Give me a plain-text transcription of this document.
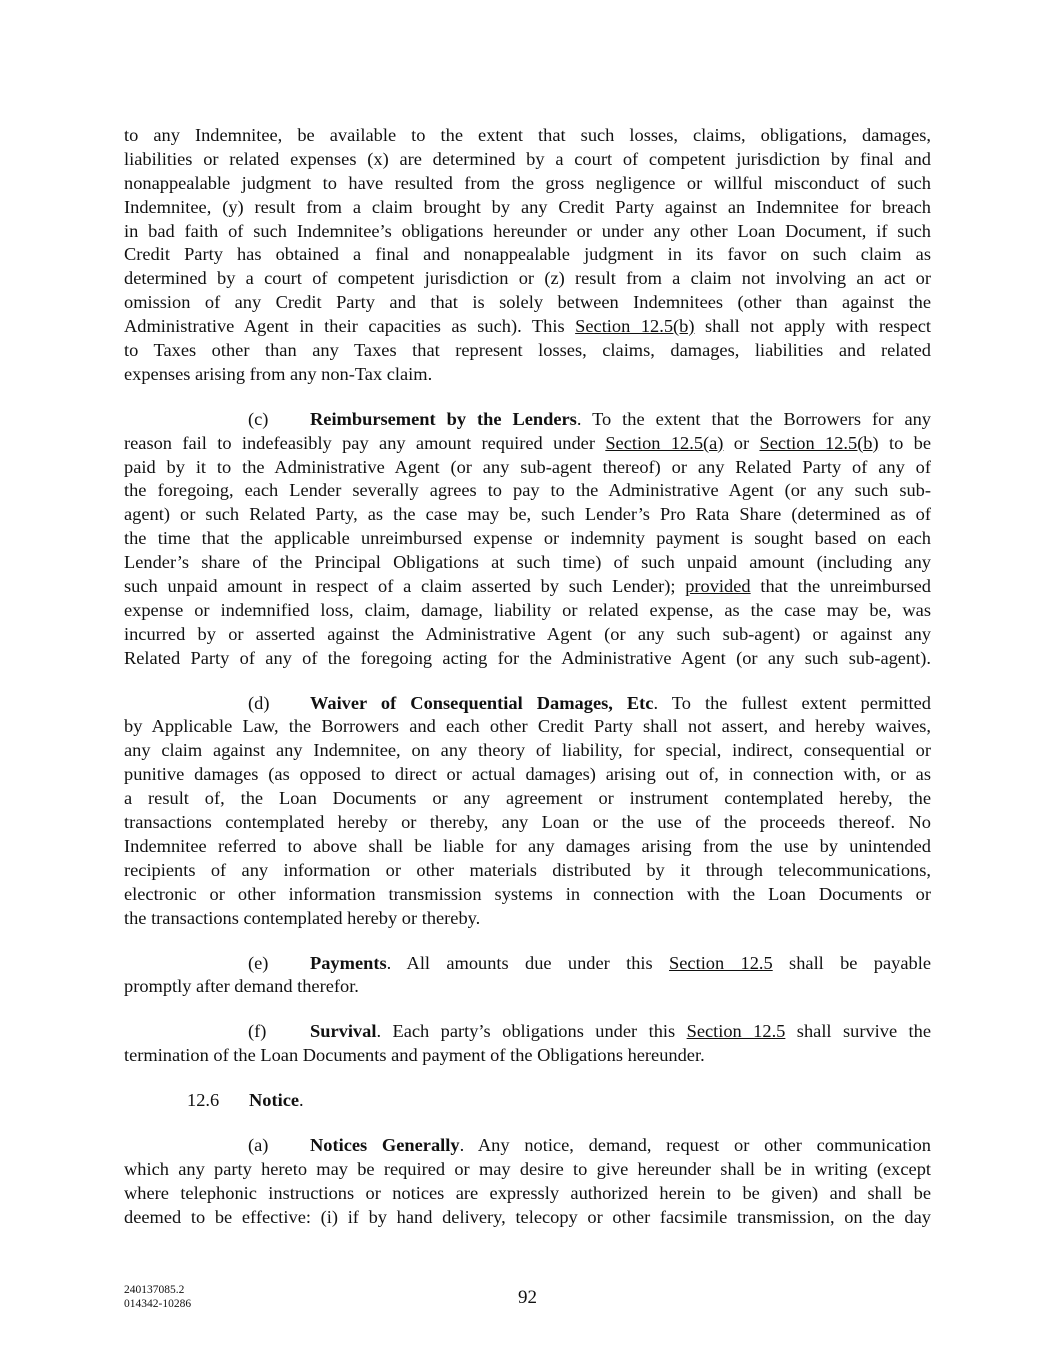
to any Indemnitee, be available to the extent that such losses, claims, obligations, damages,
liabilities or related expenses (x) are determined by a court of competent jurisdiction by final and
nonappealable judgment to have resulted from the gross negligence or willful misconduct of such
Indemnitee, (y) result from a claim brought by any Credit Party against an Indemnitee for breach
in bad faith of such Indemnitee’s obligations hereunder or under any other Loan Document, if such
Credit Party has obtained a final and nonappealable judgment in its favor on such claim as
determined by a court of competent jurisdiction or (z) result from a claim not involving an act or
omission of any Credit Party and that is solely between Indemnitees (other than against the
Administrative Agent in their capacities as such). This Section 12.5(b) shall not apply with respect
to Taxes other than any Taxes that represent losses, claims, damages, liabilities and related
expenses arising from any non-Tax claim.
(c) Reimbursement by the Lenders. To the extent that the Borrowers for any
reason fail to indefeasibly pay any amount required under Section 12.5(a) or Section 12.5(b) to be
paid by it to the Administrative Agent (or any sub-agent thereof) or any Related Party of any of
the foregoing, each Lender severally agrees to pay to the Administrative Agent (or any such sub-
agent) or such Related Party, as the case may be, such Lender’s Pro Rata Share (determined as of
the time that the applicable unreimbursed expense or indemnity payment is sought based on each
Lender’s share of the Principal Obligations at such time) of such unpaid amount (including any
such unpaid amount in respect of a claim asserted by such Lender); provided that the unreimbursed
expense or indemnified loss, claim, damage, liability or related expense, as the case may be, was
incurred by or asserted against the Administrative Agent (or any such sub-agent) or against any
Related Party of any of the foregoing acting for the Administrative Agent (or any such sub-agent).
(d) Waiver of Consequential Damages, Etc. To the fullest extent permitted
by Applicable Law, the Borrowers and each other Credit Party shall not assert, and hereby waives,
any claim against any Indemnitee, on any theory of liability, for special, indirect, consequential or
punitive damages (as opposed to direct or actual damages) arising out of, in connection with, or as
a result of, the Loan Documents or any agreement or instrument contemplated hereby, the
transactions contemplated hereby or thereby, any Loan or the use of the proceeds thereof. No
Indemnitee referred to above shall be liable for any damages arising from the use by unintended
recipients of any information or other materials distributed by it through telecommunications,
electronic or other information transmission systems in connection with the Loan Documents or
the transactions contemplated hereby or thereby.
(e) Payments. All amounts due under this Section 12.5 shall be payable
promptly after demand therefor.
(f) Survival. Each party’s obligations under this Section 12.5 shall survive the
termination of the Loan Documents and payment of the Obligations hereunder.
12.6 Notice.
(a) Notices Generally. Any notice, demand, request or other communication
which any party hereto may be required or may desire to give hereunder shall be in writing (except
where telephonic instructions or notices are expressly authorized herein to be given) and shall be
deemed to be effective: (i) if by hand delivery, telecopy or other facsimile transmission, on the day
240137085.2
014342-10286	92
